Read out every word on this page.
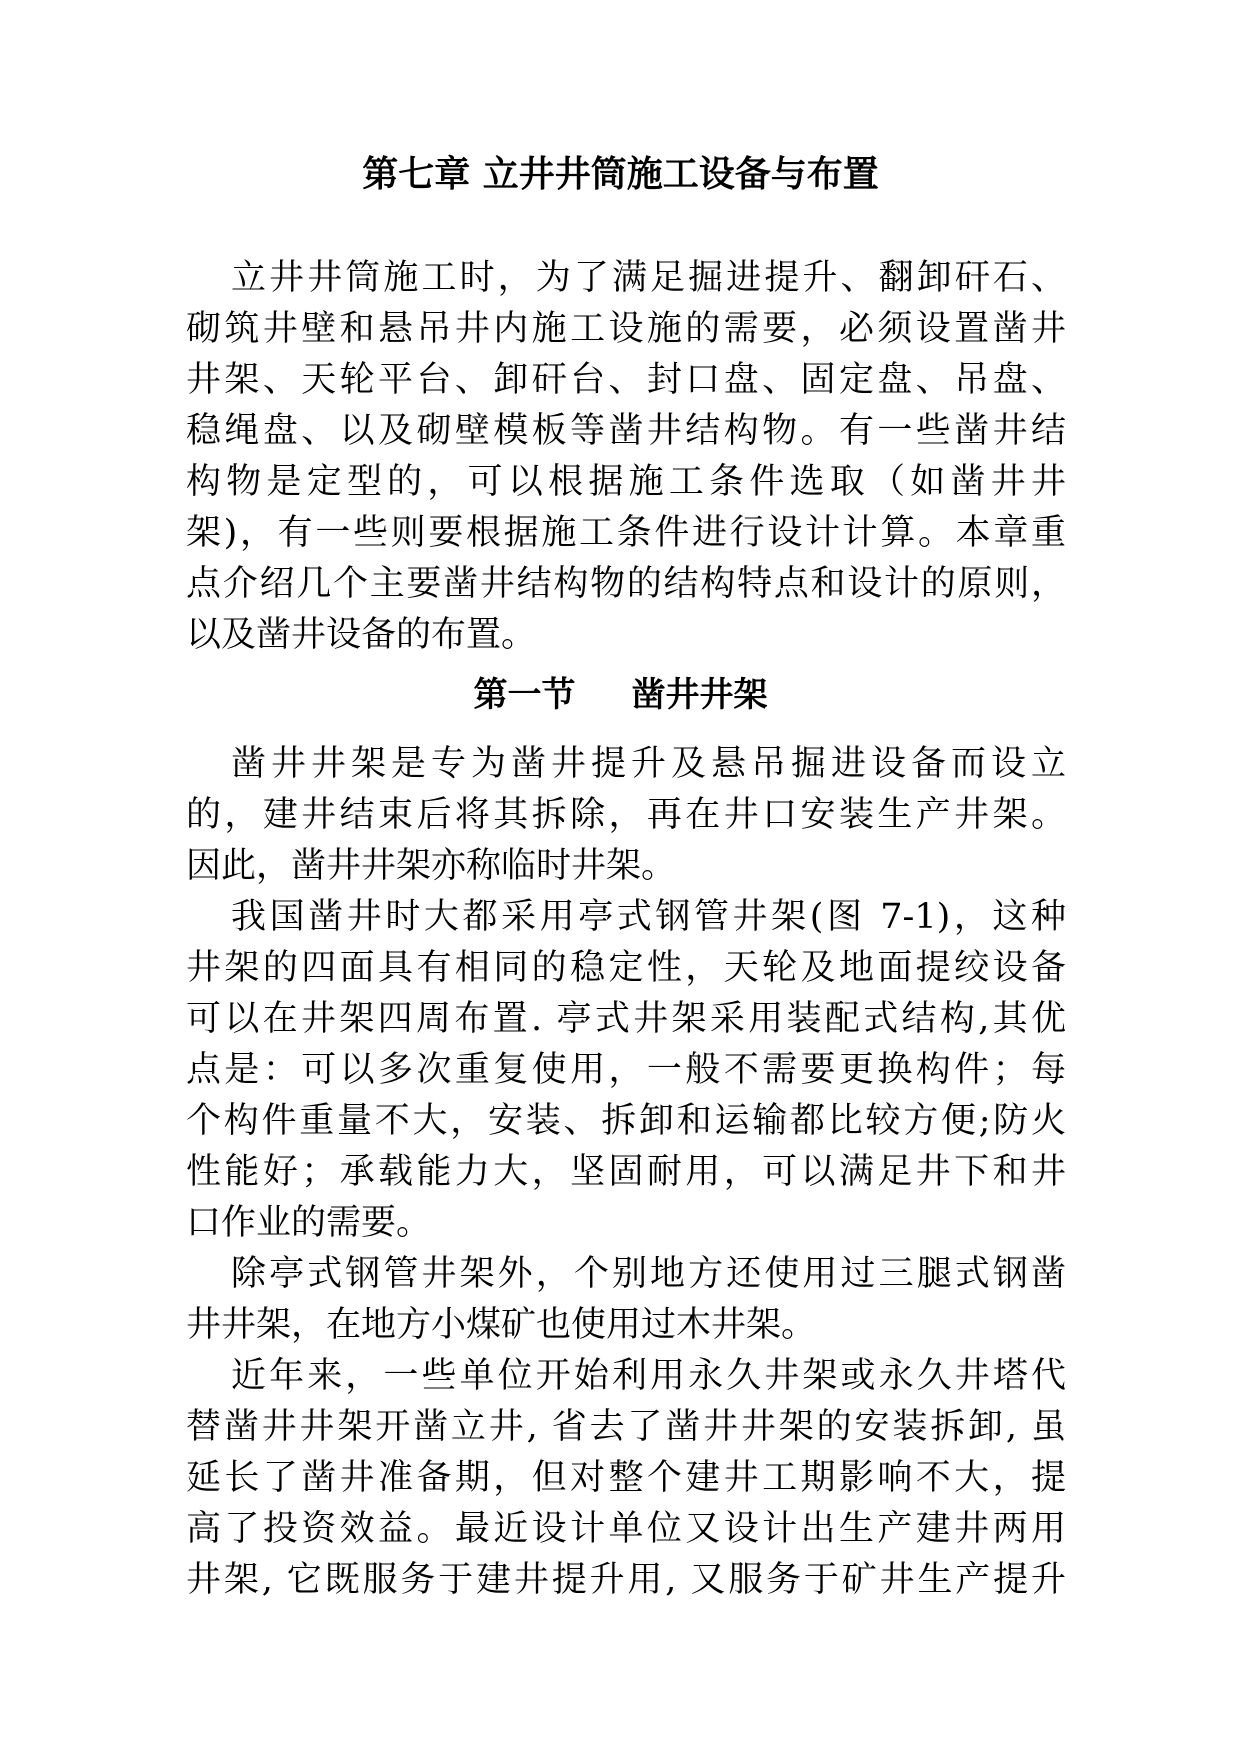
第七章 立井井筒施工设备与布置
立井井筒施工时，为了满足掘进提升、翻卸矸石、
砌筑井壁和悬吊井内施工设施的需要，必须设置凿井
井架、天轮平台、卸矸台、封口盘、固定盘、吊盘、
稳绳盘、以及砌壁模板等凿井结构物。有一些凿井结
构物是定型的，可以根据施工条件选取（如凿井井
架)，有一些则要根据施工条件进行设计计算。本章重
点介绍几个主要凿井结构物的结构特点和设计的原则，
以及凿井设备的布置。
第一节 凿井井架
凿井井架是专为凿井提升及悬吊掘进设备而设立
的，建井结束后将其拆除，再在井口安装生产井架。
因此，凿井井架亦称临时井架。
我国凿井时大都采用亭式钢管井架(图 7-1)，这种
井架的四面具有相同的稳定性，天轮及地面提绞设备
可以在井架四周布置. 亭式井架采用装配式结构,其优
点是：可以多次重复使用，一般不需要更换构件；每
个构件重量不大，安装、拆卸和运输都比较方便;防火
性能好；承载能力大，坚固耐用，可以满足井下和井
口作业的需要。
除亭式钢管井架外，个别地方还使用过三腿式钢凿
井井架，在地方小煤矿也使用过木井架。
近年来，一些单位开始利用永久井架或永久井塔代
替凿井井架开凿立井, 省去了凿井井架的安装拆卸, 虽
延长了凿井准备期，但对整个建井工期影响不大，提
高了投资效益。最近设计单位又设计出生产建井两用
井架, 它既服务于建井提升用, 又服务于矿井生产提升
